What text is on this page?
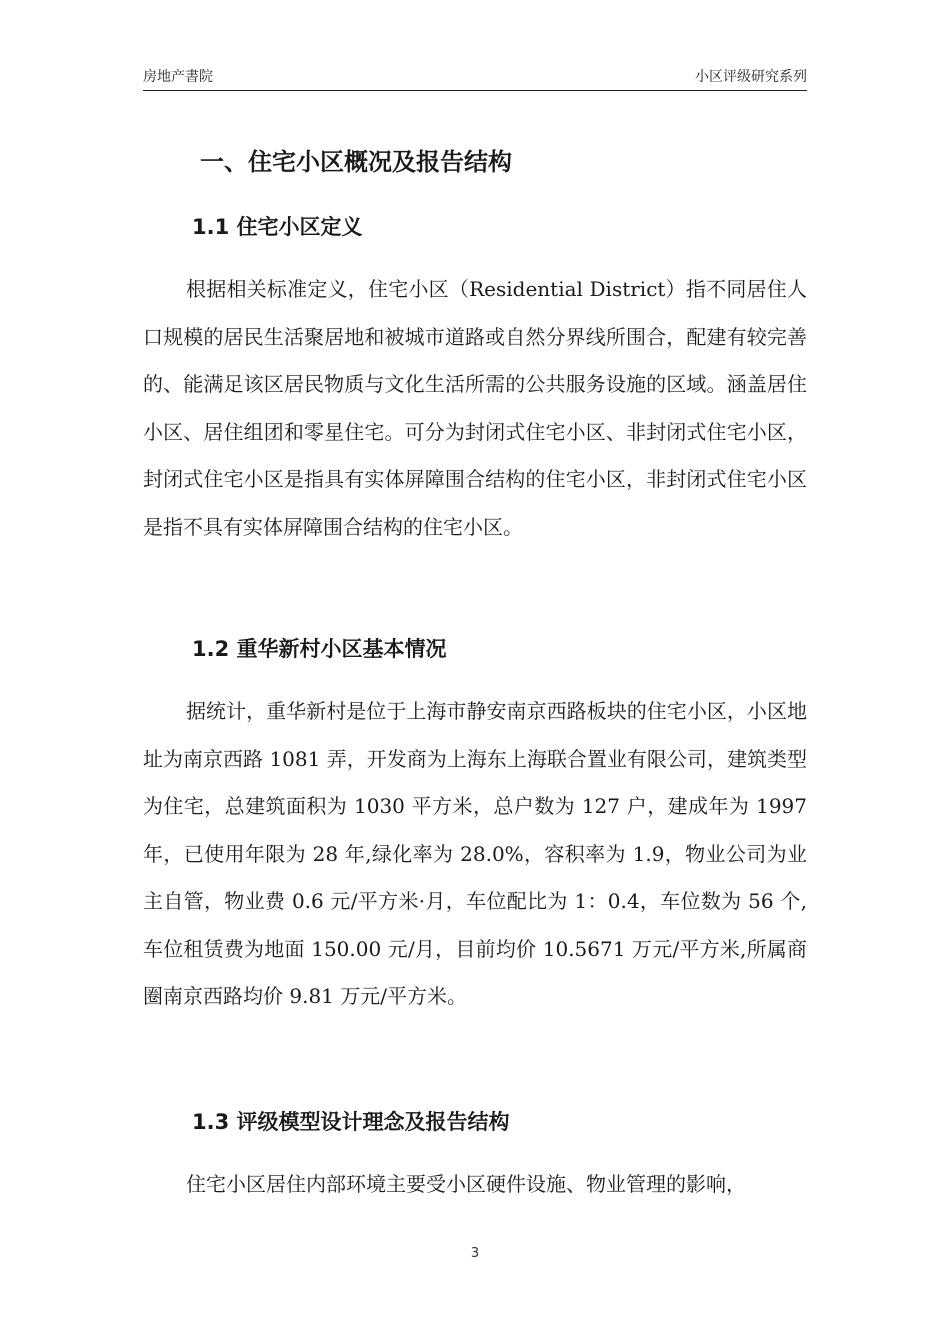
房地产書院	小区评级研究系列
一、住宅小区概况及报告结构
1.1 住宅小区定义
根据相关标准定义，住宅小区（Residential District）指不同居住人口规模的居民生活聚居地和被城市道路或自然分界线所围合，配建有较完善的、能满足该区居民物质与文化生活所需的公共服务设施的区域。涵盖居住小区、居住组团和零星住宅。可分为封闭式住宅小区、非封闭式住宅小区，封闭式住宅小区是指具有实体屏障围合结构的住宅小区，非封闭式住宅小区是指不具有实体屏障围合结构的住宅小区。
1.2 重华新村小区基本情况
据统计，重华新村是位于上海市静安南京西路板块的住宅小区，小区地址为南京西路 1081 弄，开发商为上海东上海联合置业有限公司，建筑类型为住宅，总建筑面积为 1030 平方米，总户数为 127 户，建成年为 1997 年，已使用年限为 28 年,绿化率为 28.0%，容积率为 1.9，物业公司为业主自管，物业费 0.6 元/平方米·月，车位配比为 1：0.4，车位数为 56 个,车位租赁费为地面 150.00 元/月，目前均价 10.5671 万元/平方米,所属商圈南京西路均价 9.81 万元/平方米。
1.3 评级模型设计理念及报告结构
住宅小区居住内部环境主要受小区硬件设施、物业管理的影响，
3
